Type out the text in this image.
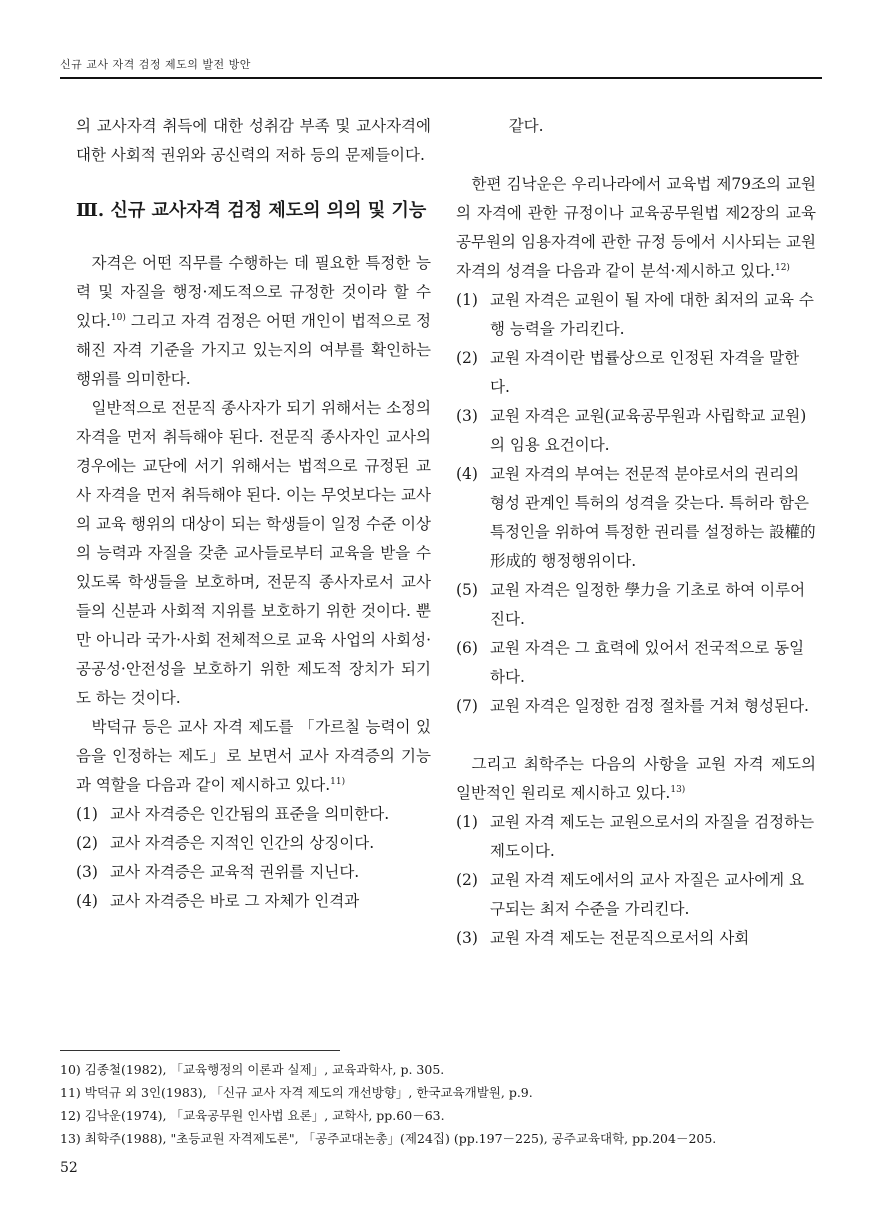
신규 교사 자격 검정 제도의 발전 방안

의 교사자격 취득에 대한 성취감 부족 및 교사자격에 대한 사회적 권위와 공신력의 저하 등의 문제들이다.

Ⅲ. 신규 교사자격 검정 제도의 의의 및 기능

자격은 어떤 직무를 수행하는 데 필요한 특정한 능력 및 자질을 행정·제도적으로 규정한 것이라 할 수 있다.$^{10)}$ 그리고 자격 검정은 어떤 개인이 법적으로 정해진 자격 기준을 가지고 있는지의 여부를 확인하는 행위를 의미한다.

일반적으로 전문직 종사자가 되기 위해서는 소정의 자격을 먼저 취득해야 된다. 전문직 종사자인 교사의 경우에는 교단에 서기 위해서는 법적으로 규정된 교사 자격을 먼저 취득해야 된다. 이는 무엇보다는 교사의 교육 행위의 대상이 되는 학생들이 일정 수준 이상의 능력과 자질을 갖춘 교사들로부터 교육을 받을 수 있도록 학생들을 보호하며, 전문직 종사자로서 교사들의 신분과 사회적 지위를 보호하기 위한 것이다. 뿐만 아니라 국가·사회 전체적으로 교육 사업의 사회성·공공성·안전성을 보호하기 위한 제도적 장치가 되기도 하는 것이다.

박덕규 등은 교사 자격 제도를 「가르칠 능력이 있음을 인정하는 제도」로 보면서 교사 자격증의 기능과 역할을 다음과 같이 제시하고 있다.$^{11)}$

(1) 교사 자격증은 인간됨의 표준을 의미한다.
(2) 교사 자격증은 지적인 인간의 상징이다.
(3) 교사 자격증은 교육적 권위를 지닌다.
(4) 교사 자격증은 바로 그 자체가 인격과

같다.

한편 김낙운은 우리나라에서 교육법 제79조의 교원의 자격에 관한 규정이나 교육공무원법 제2장의 교육공무원의 임용자격에 관한 규정 등에서 시사되는 교원 자격의 성격을 다음과 같이 분석·제시하고 있다.$^{12)}$

(1) 교원 자격은 교원이 될 자에 대한 최저의 교육 수행 능력을 가리킨다.
(2) 교원 자격이란 법률상으로 인정된 자격을 말한다.
(3) 교원 자격은 교원(교육공무원과 사립학교 교원)의 임용 요건이다.
(4) 교원 자격의 부여는 전문적 분야로서의 권리의 형성 관계인 특허의 성격을 갖는다. 특허라 함은 특정인을 위하여 특정한 권리를 설정하는 設權的 形成的 행정행위이다.
(5) 교원 자격은 일정한 學力을 기초로 하여 이루어진다.
(6) 교원 자격은 그 효력에 있어서 전국적으로 동일하다.
(7) 교원 자격은 일정한 검정 절차를 거쳐 형성된다.

그리고 최학주는 다음의 사항을 교원 자격 제도의 일반적인 원리로 제시하고 있다.$^{13)}$

(1) 교원 자격 제도는 교원으로서의 자질을 검정하는 제도이다.
(2) 교원 자격 제도에서의 교사 자질은 교사에게 요구되는 최저 수준을 가리킨다.
(3) 교원 자격 제도는 전문직으로서의 사회
10) 김종철(1982), 「교육행정의 이론과 실제」, 교육과학사, p. 305.
11) 박덕규 외 3인(1983), 「신규 교사 자격 제도의 개선방향」, 한국교육개발원, p.9.
12) 김낙운(1974), 「교육공무원 인사법 요론」, 교학사, pp.60－63.
13) 최학주(1988), "초등교원 자격제도론", 「공주교대논총」(제24집) (pp.197－225), 공주교육대학, pp.204－205.
52
